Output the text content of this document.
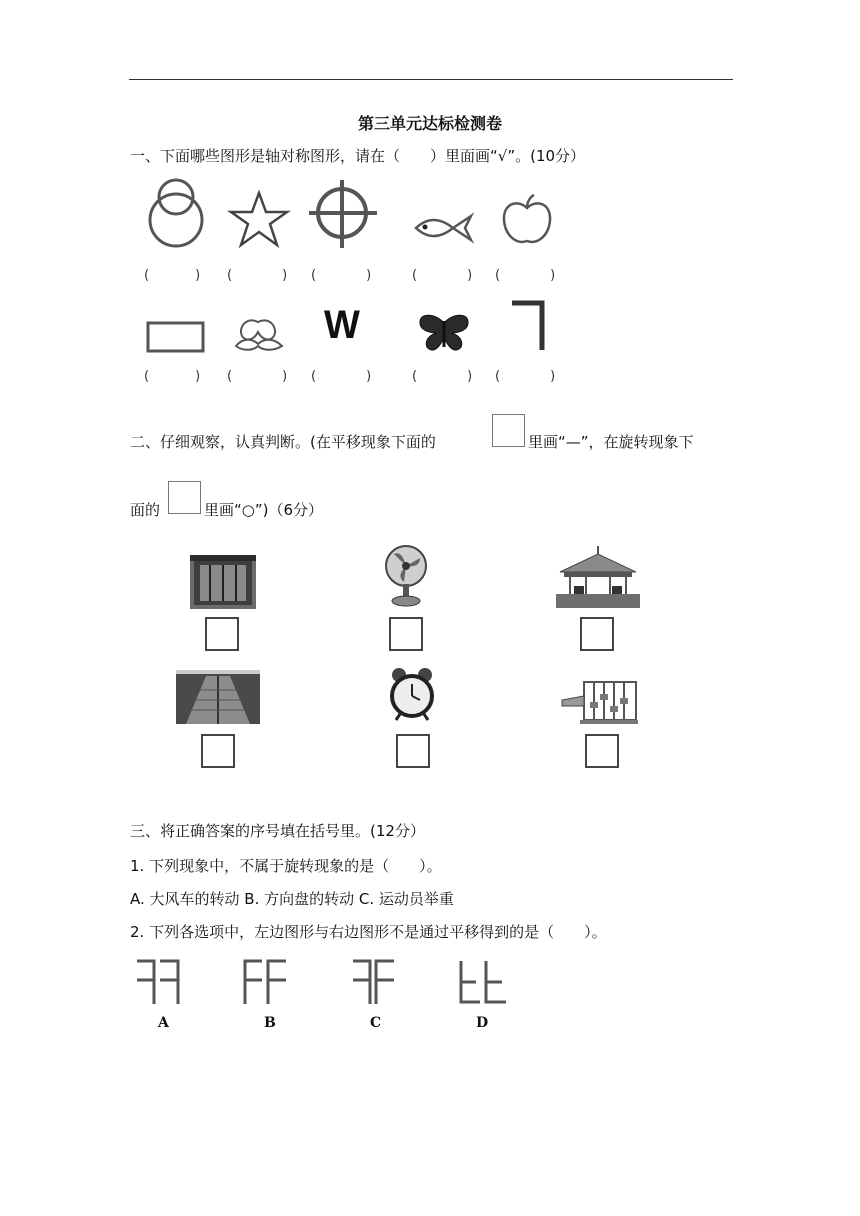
第三单元达标检测卷
一、下面哪些图形是轴对称图形，请在（　　）里面画“√”。(10分）
(	) (	) (	)	(	) (	)
W
(	) (	) (	)	(	) (	)
二、仔细观察，认真判断。(在平移现象下面的	里画“—”，在旋转现象下
面的	里画“○”)（6分）
三、将正确答案的序号填在括号里。(12分）
1. 下列现象中，不属于旋转现象的是（　　）。
A. 大风车的转动 B. 方向盘的转动 C. 运动员举重
2. 下列各选项中，左边图形与右边图形不是通过平移得到的是（　　）。
A	B	C	D
